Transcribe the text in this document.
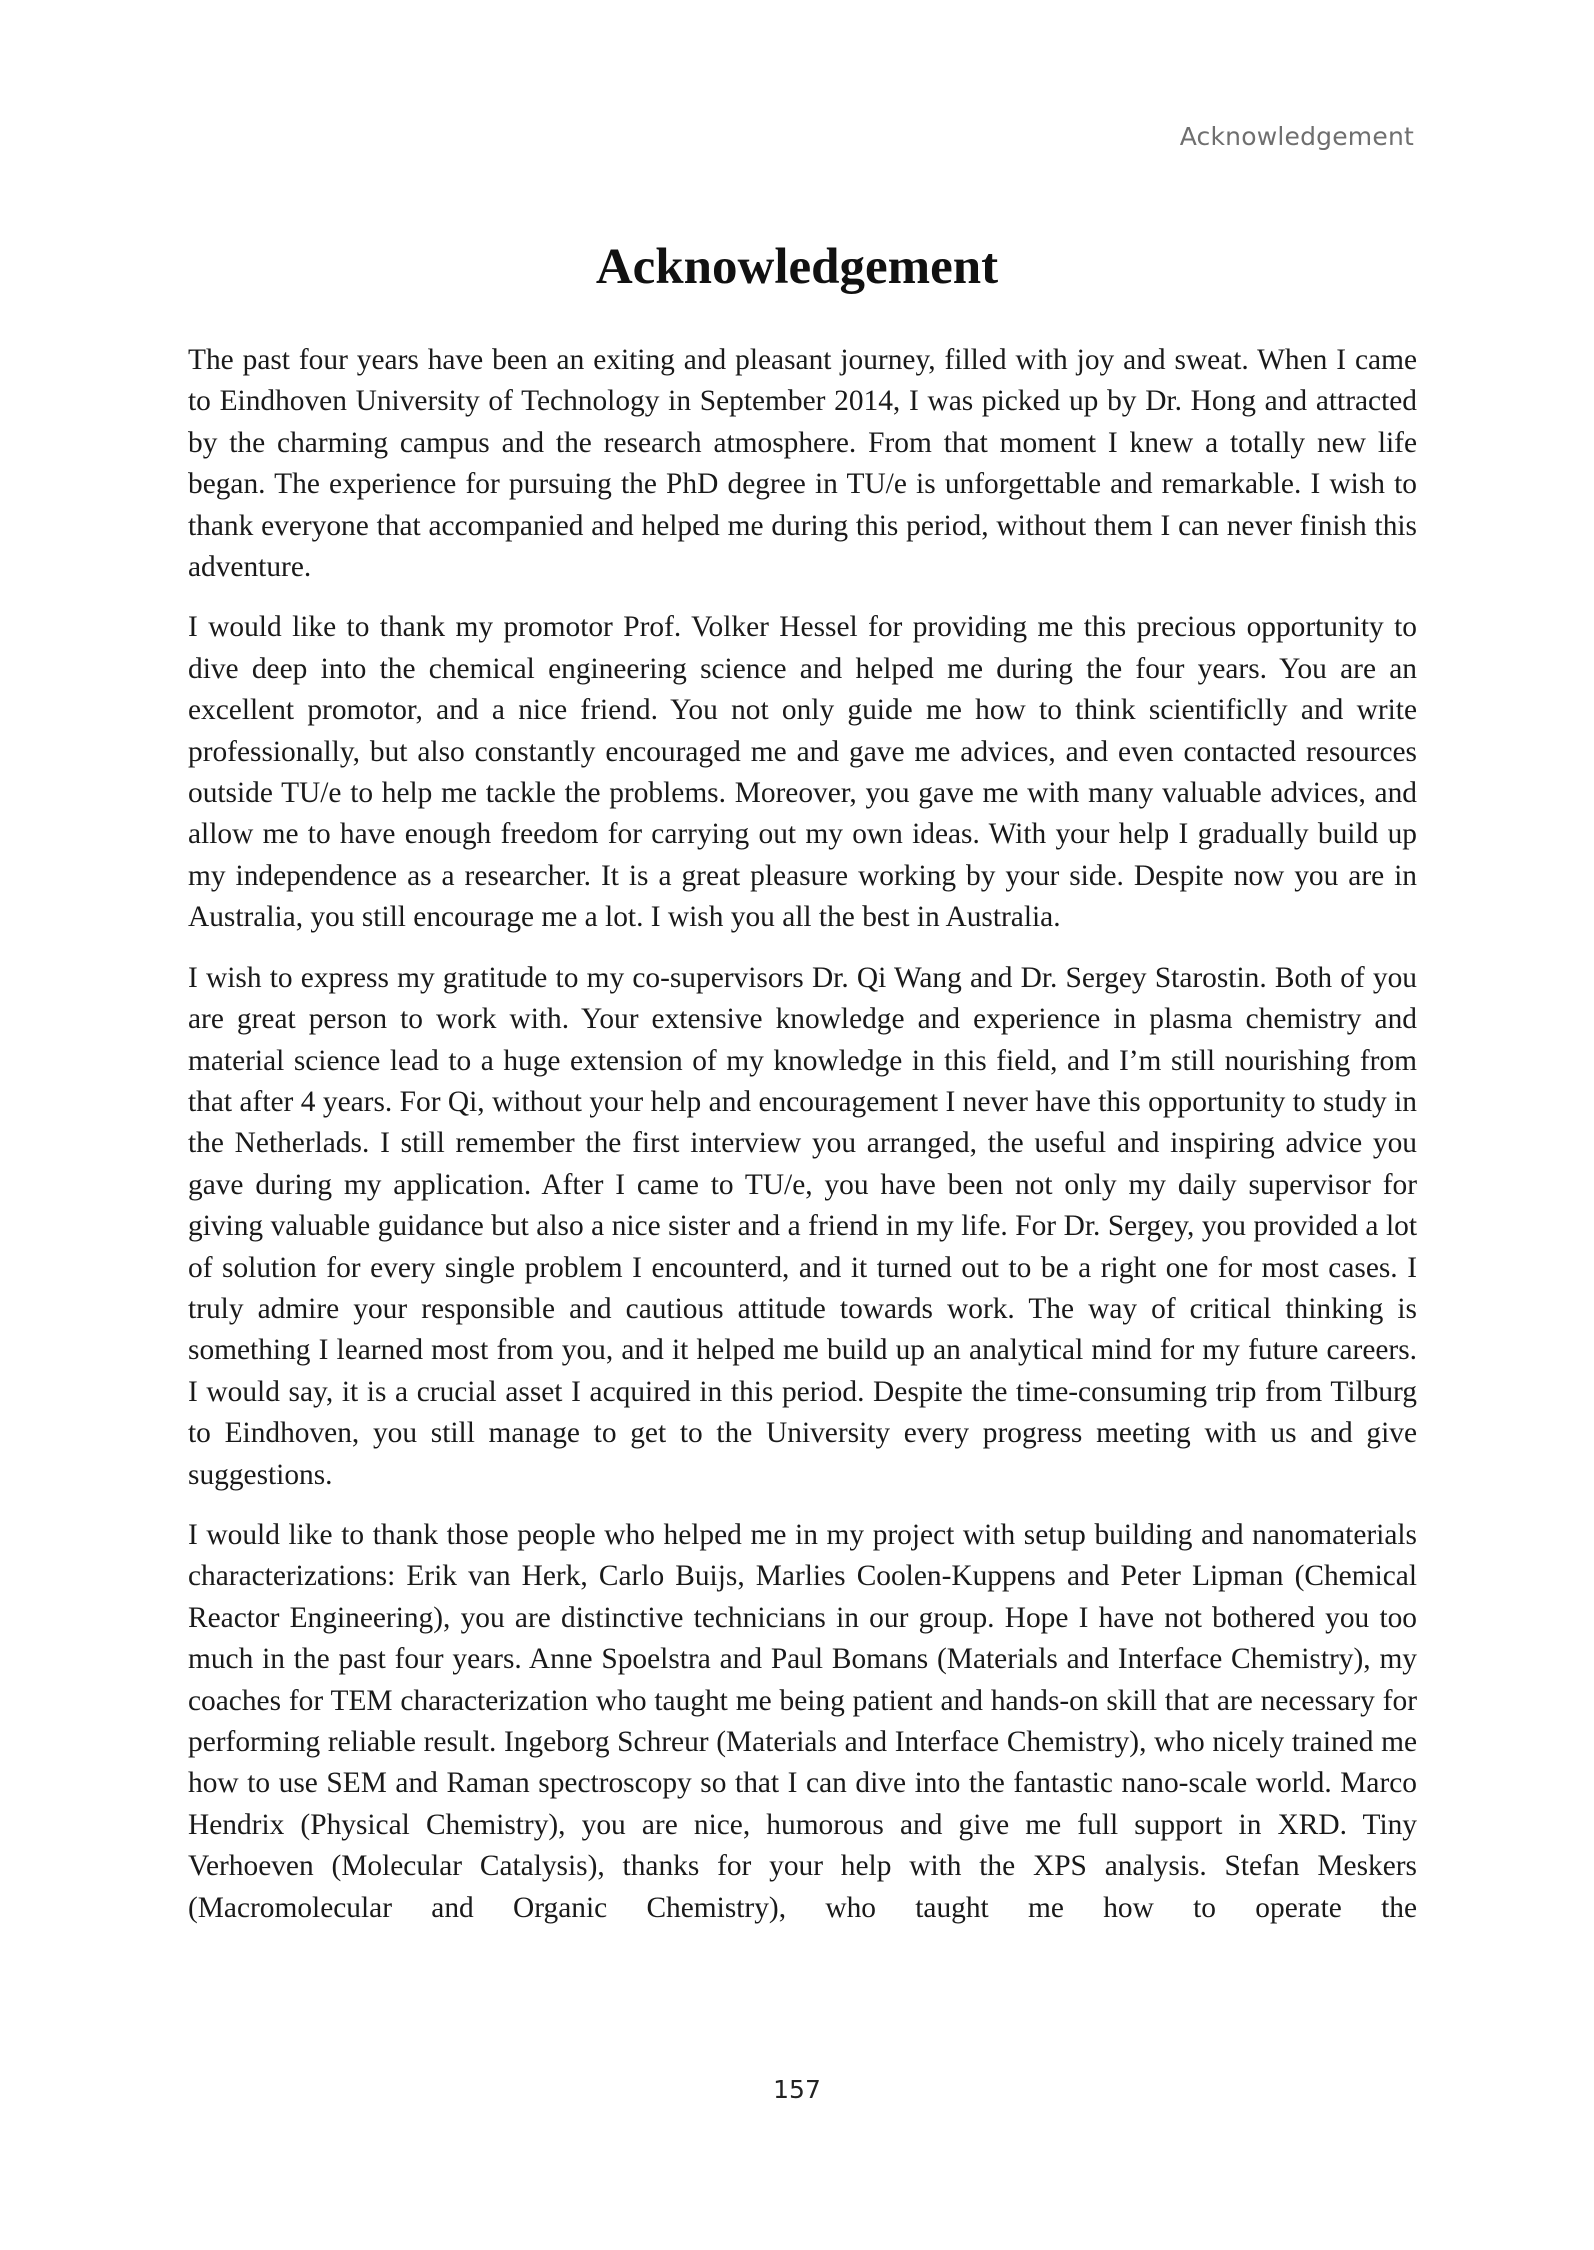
Acknowledgement
Acknowledgement

The past four years have been an exiting and pleasant journey, filled with joy and sweat. When I came to Eindhoven University of Technology in September 2014, I was picked up by Dr. Hong and attracted by the charming campus and the research atmosphere. From that moment I knew a totally new life began. The experience for pursuing the PhD degree in TU/e is unforgettable and remarkable. I wish to thank everyone that accompanied and helped me during this period, without them I can never finish this adventure.

I would like to thank my promotor Prof. Volker Hessel for providing me this precious opportunity to dive deep into the chemical engineering science and helped me during the four years. You are an excellent promotor, and a nice friend. You not only guide me how to think scientificlly and write professionally, but also constantly encouraged me and gave me advices, and even contacted resources outside TU/e to help me tackle the problems. Moreover, you gave me with many valuable advices, and allow me to have enough freedom for carrying out my own ideas. With your help I gradually build up my independence as a researcher. It is a great pleasure working by your side. Despite now you are in Australia, you still encourage me a lot. I wish you all the best in Australia.

I wish to express my gratitude to my co-supervisors Dr. Qi Wang and Dr. Sergey Starostin. Both of you are great person to work with. Your extensive knowledge and experience in plasma chemistry and material science lead to a huge extension of my knowledge in this field, and I’m still nourishing from that after 4 years. For Qi, without your help and encouragement I never have this opportunity to study in the Netherlads. I still remember the first interview you arranged, the useful and inspiring advice you gave during my application. After I came to TU/e, you have been not only my daily supervisor for giving valuable guidance but also a nice sister and a friend in my life. For Dr. Sergey, you provided a lot of solution for every single problem I encounterd, and it turned out to be a right one for most cases. I truly admire your responsible and cautious attitude towards work. The way of critical thinking is something I learned most from you, and it helped me build up an analytical mind for my future careers. I would say, it is a crucial asset I acquired in this period. Despite the time-consuming trip from Tilburg to Eindhoven, you still manage to get to the University every progress meeting with us and give suggestions.

I would like to thank those people who helped me in my project with setup building and nanomaterials characterizations: Erik van Herk, Carlo Buijs, Marlies Coolen-Kuppens and Peter Lipman (Chemical Reactor Engineering), you are distinctive technicians in our group. Hope I have not bothered you too much in the past four years. Anne Spoelstra and Paul Bomans (Materials and Interface Chemistry), my coaches for TEM characterization who taught me being patient and hands-on skill that are necessary for performing reliable result. Ingeborg Schreur (Materials and Interface Chemistry), who nicely trained me how to use SEM and Raman spectroscopy so that I can dive into the fantastic nano-scale world. Marco Hendrix (Physical Chemistry), you are nice, humorous and give me full support in XRD. Tiny Verhoeven (Molecular Catalysis), thanks for your help with the XPS analysis. Stefan Meskers (Macromolecular and Organic Chemistry), who taught me how to operate the

157
